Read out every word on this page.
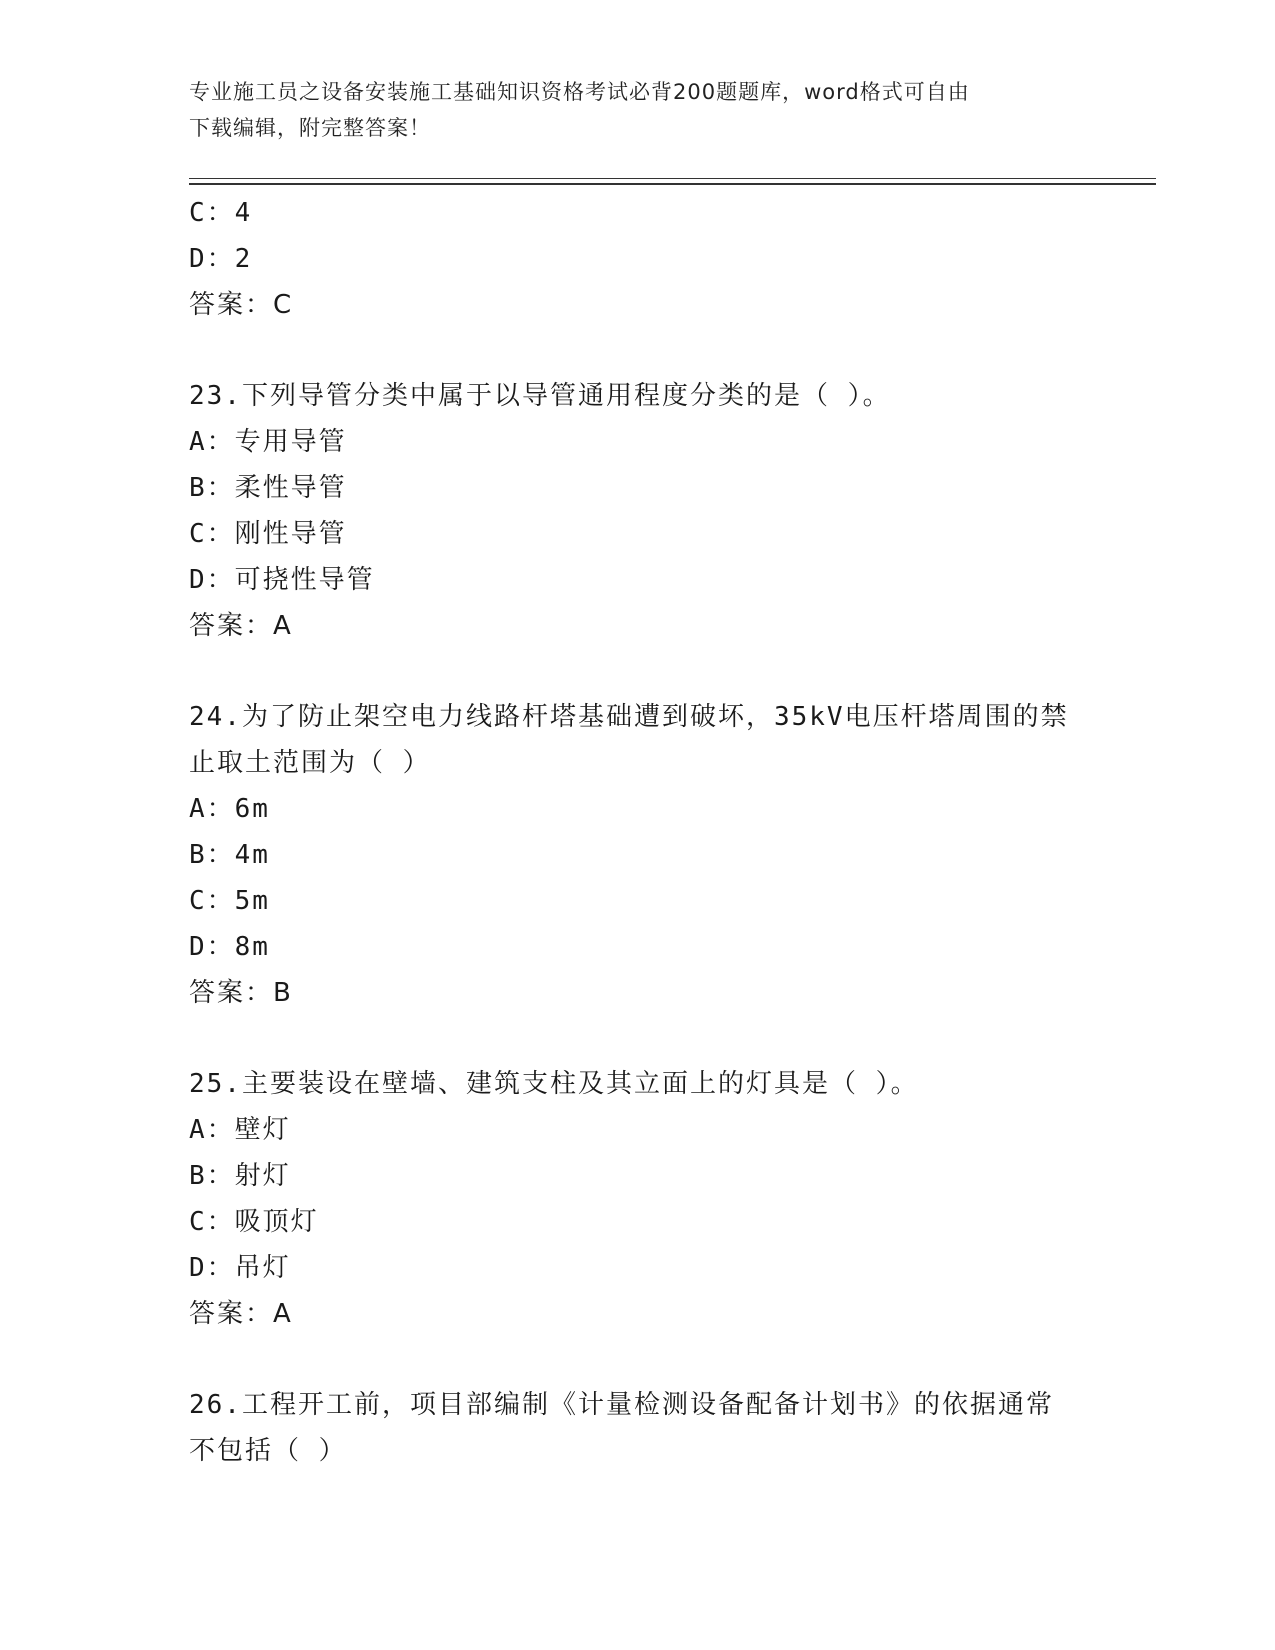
专业施工员之设备安装施工基础知识资格考试必背200题题库，word格式可自由
下载编辑，附完整答案！
C：4
D：2
答案：C
23.下列导管分类中属于以导管通用程度分类的是（ ）。
A：专用导管
B：柔性导管
C：刚性导管
D：可挠性导管
答案：A
24.为了防止架空电力线路杆塔基础遭到破坏，35kV电压杆塔周围的禁
止取土范围为（ ）
A：6m
B：4m
C：5m
D：8m
答案：B
25.主要装设在壁墙、建筑支柱及其立面上的灯具是（ ）。
A：壁灯
B：射灯
C：吸顶灯
D：吊灯
答案：A
26.工程开工前，项目部编制《计量检测设备配备计划书》的依据通常
不包括（ ）
